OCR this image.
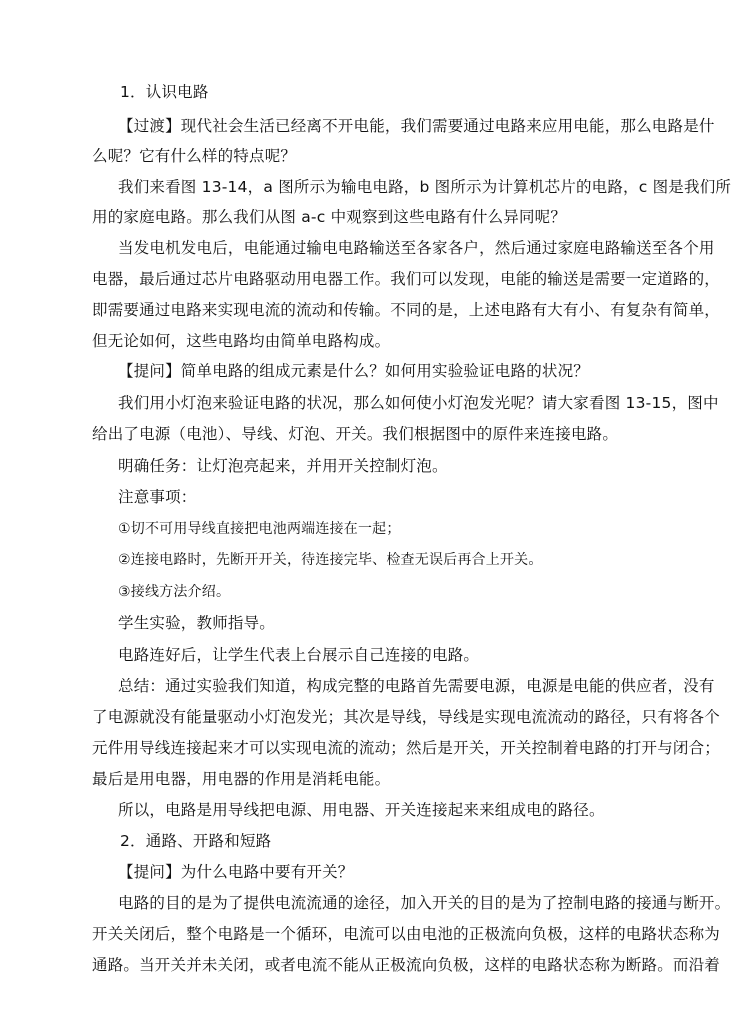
1．认识电路
【过渡】现代社会生活已经离不开电能，我们需要通过电路来应用电能，那么电路是什
么呢？它有什么样的特点呢？
我们来看图 13-14，a 图所示为输电电路，b 图所示为计算机芯片的电路，c 图是我们所
用的家庭电路。那么我们从图 a-c 中观察到这些电路有什么异同呢？
当发电机发电后，电能通过输电电路输送至各家各户，然后通过家庭电路输送至各个用
电器，最后通过芯片电路驱动用电器工作。我们可以发现，电能的输送是需要一定道路的，
即需要通过电路来实现电流的流动和传输。不同的是，上述电路有大有小、有复杂有简单，
但无论如何，这些电路均由简单电路构成。
【提问】简单电路的组成元素是什么？如何用实验验证电路的状况？
我们用小灯泡来验证电路的状况，那么如何使小灯泡发光呢？请大家看图 13-15，图中
给出了电源（电池）、导线、灯泡、开关。我们根据图中的原件来连接电路。
明确任务：让灯泡亮起来，并用开关控制灯泡。
注意事项：
①切不可用导线直接把电池两端连接在一起；
②连接电路时，先断开开关，待连接完毕、检查无误后再合上开关。
③接线方法介绍。
学生实验，教师指导。
电路连好后，让学生代表上台展示自己连接的电路。
总结：通过实验我们知道，构成完整的电路首先需要电源，电源是电能的供应者，没有
了电源就没有能量驱动小灯泡发光；其次是导线，导线是实现电流流动的路径，只有将各个
元件用导线连接起来才可以实现电流的流动；然后是开关，开关控制着电路的打开与闭合；
最后是用电器，用电器的作用是消耗电能。
所以，电路是用导线把电源、用电器、开关连接起来来组成电的路径。
2．通路、开路和短路
【提问】为什么电路中要有开关？
电路的目的是为了提供电流流通的途径，加入开关的目的是为了控制电路的接通与断开。
开关关闭后，整个电路是一个循环，电流可以由电池的正极流向负极，这样的电路状态称为
通路。当开关并未关闭，或者电流不能从正极流向负极，这样的电路状态称为断路。而沿着
